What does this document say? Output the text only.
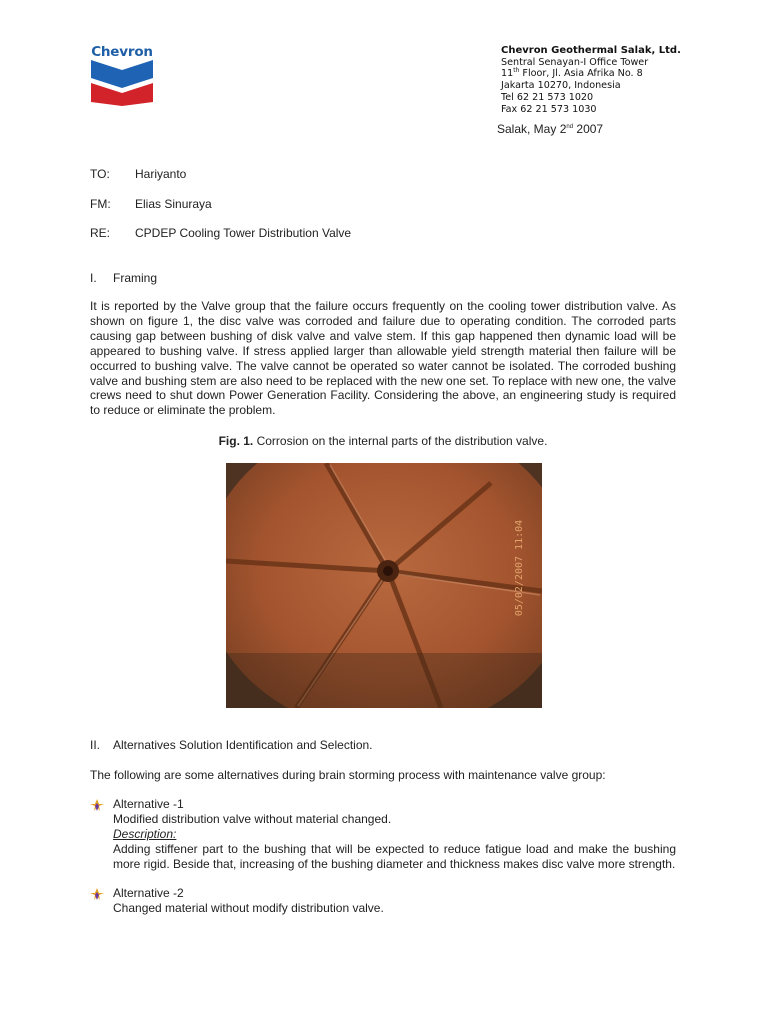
Chevron	Chevron Geothermal Salak, Ltd.
Sentral Senayan-I Office Tower
11th Floor, Jl. Asia Afrika No. 8
Jakarta 10270, Indonesia
Tel 62 21 573 1020
Fax 62 21 573 1030
Salak, May 2nd 2007
TO: Hariyanto
FM: Elias Sinuraya
RE: CPDEP Cooling Tower Distribution Valve
I. Framing

It is reported by the Valve group that the failure occurs frequently on the cooling tower distribution valve. As shown on figure 1, the disc valve was corroded and failure due to operating condition. The corroded parts causing gap between bushing of disk valve and valve stem. If this gap happened then dynamic load will be appeared to bushing valve. If stress applied larger than allowable yield strength material then failure will be occurred to bushing valve. The valve cannot be operated so water cannot be isolated. The corroded bushing valve and bushing stem are also need to be replaced with the new one set. To replace with new one, the valve crews need to shut down Power Generation Facility. Considering the above, an engineering study is required to reduce or eliminate the problem.

Fig. 1. Corrosion on the internal parts of the distribution valve.
05/02/2007 11:04
II. Alternatives Solution Identification and Selection.
The following are some alternatives during brain storming process with maintenance valve group:
Alternative -1
Modified distribution valve without material changed.
Description:
Adding stiffener part to the bushing that will be expected to reduce fatigue load and make the bushing more rigid. Beside that, increasing of the bushing diameter and thickness makes disc valve more strength.
Alternative -2
Changed material without modify distribution valve.
